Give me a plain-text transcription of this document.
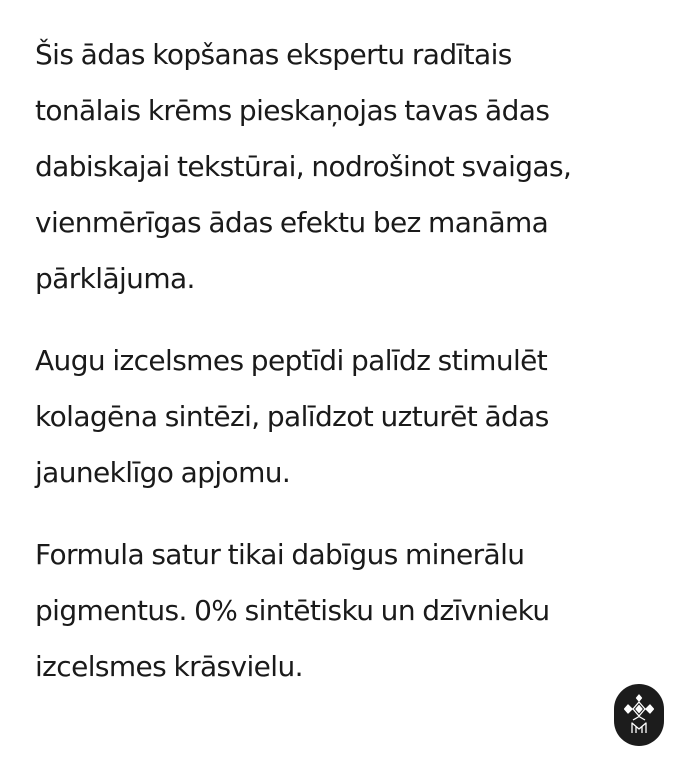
Šis ādas kopšanas ekspertu radītais
tonālais krēms pieskaņojas tavas ādas
dabiskajai tekstūrai, nodrošinot svaigas,
vienmērīgas ādas efektu bez manāma
pārklājuma.

Augu izcelsmes peptīdi palīdz stimulēt
kolagēna sintēzi, palīdzot uzturēt ādas
jauneklīgo apjomu.

Formula satur tikai dabīgus minerālu
pigmentus. 0% sintētisku un dzīvnieku
izcelsmes krāsvielu.
